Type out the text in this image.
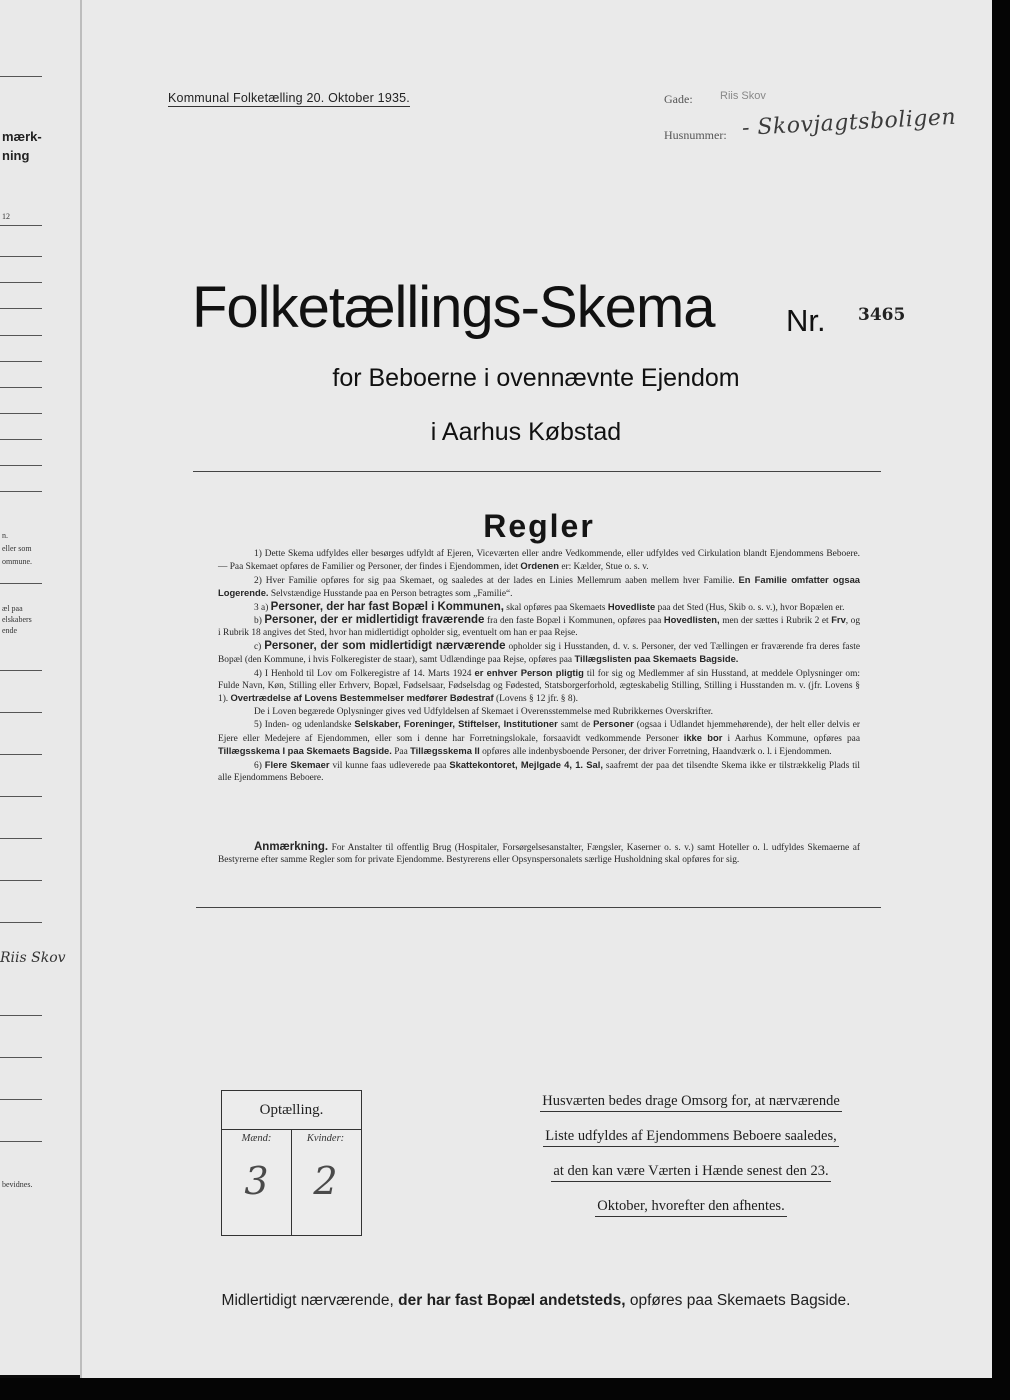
mærk-
ning
12
n.
eller som
ommune.
æl paa
elskabers
ende
Riis Skov
bevidnes.
Kommunal Folketælling 20. Oktober 1935.	Gade: Riis Skov
Husnummer: - Skovjagtsboligen
Folketællings-Skema Nr. 3465
for Beboerne i ovennævnte Ejendom
i Aarhus Købstad
Regler

1) Dette Skema udfyldes eller besørges udfyldt af Ejeren, Viceværten eller andre Vedkommende, eller udfyldes ved Cirkulation blandt Ejendommens Beboere. — Paa Skemaet opføres de Familier og Personer, der findes i Ejendommen, idet Ordenen er: Kælder, Stue o. s. v.

2) Hver Familie opføres for sig paa Skemaet, og saaledes at der lades en Linies Mellemrum aaben mellem hver Familie. En Familie omfatter ogsaa Logerende. Selvstændige Husstande paa en Person betragtes som „Familie“.

3 a) Personer, der har fast Bopæl i Kommunen, skal opføres paa Skemaets Hovedliste paa det Sted (Hus, Skib o. s. v.), hvor Bopælen er.

b) Personer, der er midlertidigt fraværende fra den faste Bopæl i Kommunen, opføres paa Hovedlisten, men der sættes i Rubrik 2 et Frv, og i Rubrik 18 angives det Sted, hvor han midlertidigt opholder sig, eventuelt om han er paa Rejse.

c) Personer, der som midlertidigt nærværende opholder sig i Husstanden, d. v. s. Personer, der ved Tællingen er fraværende fra deres faste Bopæl (den Kommune, i hvis Folkeregister de staar), samt Udlændinge paa Rejse, opføres paa Tillægslisten paa Skemaets Bagside.

4) I Henhold til Lov om Folkeregistre af 14. Marts 1924 er enhver Person pligtig til for sig og Medlemmer af sin Husstand, at meddele Oplysninger om: Fulde Navn, Køn, Stilling eller Erhverv, Bopæl, Fødselsaar, Fødselsdag og Fødested, Statsborgerforhold, ægteskabelig Stilling, Stilling i Husstanden m. v. (jfr. Lovens § 1). Overtrædelse af Lovens Bestemmelser medfører Bødestraf (Lovens § 12 jfr. § 8).

De i Loven begærede Oplysninger gives ved Udfyldelsen af Skemaet i Overensstemmelse med Rubrikkernes Overskrifter.

5) Inden- og udenlandske Selskaber, Foreninger, Stiftelser, Institutioner samt de Personer (ogsaa i Udlandet hjemmehørende), der helt eller delvis er Ejere eller Medejere af Ejendommen, eller som i denne har Forretningslokale, forsaavidt vedkommende Personer ikke bor i Aarhus Kommune, opføres paa Tillægsskema I paa Skemaets Bagside. Paa Tillægsskema II opføres alle indenbysboende Personer, der driver Forretning, Haandværk o. l. i Ejendommen.

6) Flere Skemaer vil kunne faas udleverede paa Skattekontoret, Mejlgade 4, 1. Sal, saafremt der paa det tilsendte Skema ikke er tilstrækkelig Plads til alle Ejendommens Beboere.

Anmærkning. For Anstalter til offentlig Brug (Hospitaler, Forsørgelsesanstalter, Fængsler, Kaserner o. s. v.) samt Hoteller o. l. udfyldes Skemaerne af Bestyrerne efter samme Regler som for private Ejendomme. Bestyrerens eller Opsynspersonalets særlige Husholdning skal opføres for sig.

Optælling.
Mænd:	Kvinder:
3	2
Husværten bedes drage Omsorg for, at nærværende
Liste udfyldes af Ejendommens Beboere saaledes,
at den kan være Værten i Hænde senest den 23.
Oktober, hvorefter den afhentes.
Midlertidigt nærværende, der har fast Bopæl andetsteds, opføres paa Skemaets Bagside.
